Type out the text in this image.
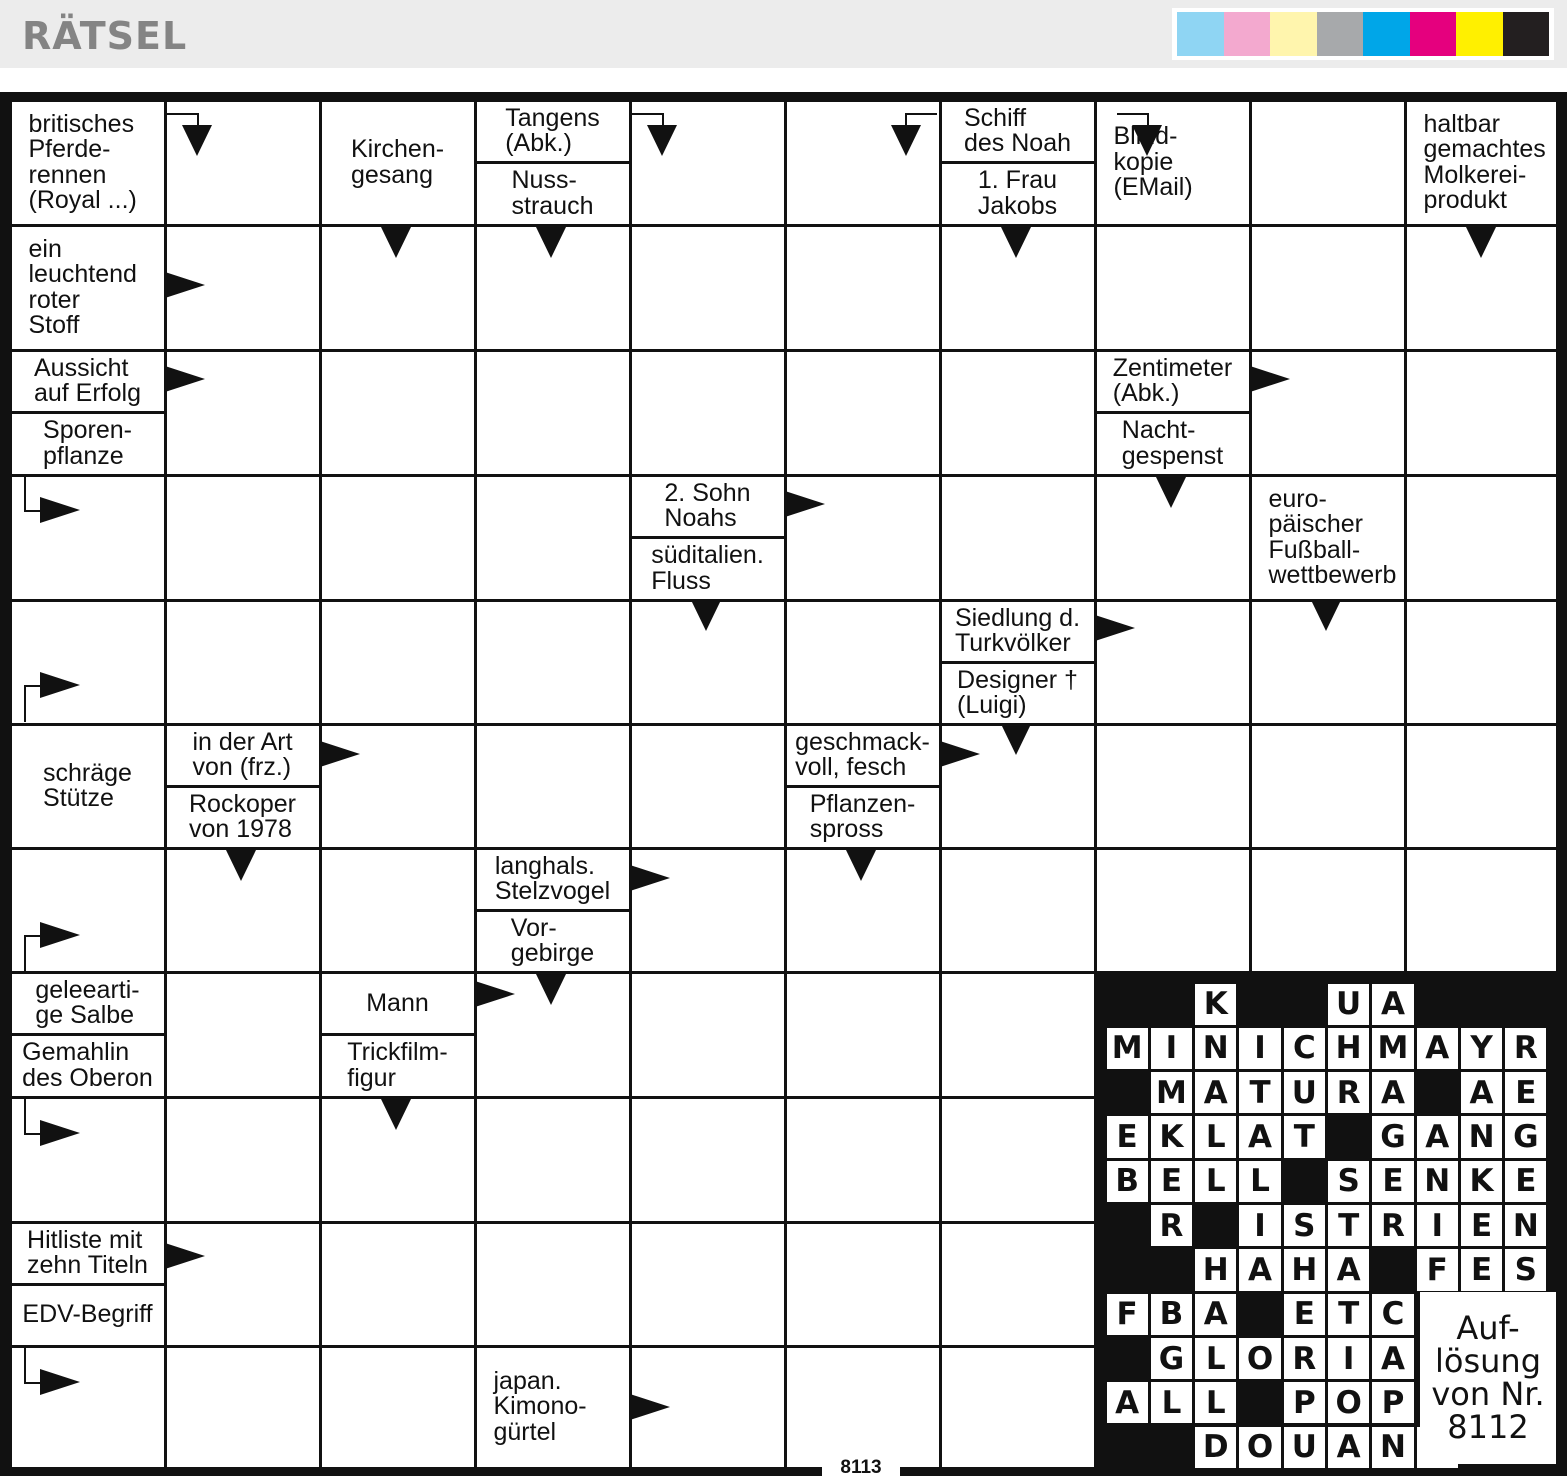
RÄTSEL
britisches
Pferde-
rennen
(Royal ...)
Kirchen-
gesang
Tangens
(Abk.)
Nuss-
strauch
Schiff
des Noah
1. Frau
Jakobs
Blind-
kopie
(EMail)
haltbar
gemachtes
Molkerei-
produkt
ein
leuchtend
roter
Stoff
Aussicht
auf Erfolg
Sporen-
pflanze
Zentimeter
(Abk.)
Nacht-
gespenst
2. Sohn
Noahs
süditalien.
Fluss
euro-
päischer
Fußball-
wettbewerb
Siedlung d.
Turkvölker
Designer †
(Luigi)
schräge
Stütze
in der Art
von (frz.)
Rockoper
von 1978
geschmack-
voll, fesch
Pflanzen-
spross
langhals.
Stelzvogel
Vor-
gebirge
geleearti-
ge Salbe
Gemahlin
des Oberon
Mann
Trickfilm-
figur
Hitliste mit
zehn Titeln
EDV-Begriff
japan.
Kimono-
gürtel
K	U A
M I N I C H M A Y R
M A T U R A A E
E K L A T	G A N G
B E L L	S E N K E
R	I S T R I E N
H A H A	F E S
F B A	E T C
G L O R I A
A L L	P O P
D O U A N
Auf-
lösung
von Nr.
8112
8113
